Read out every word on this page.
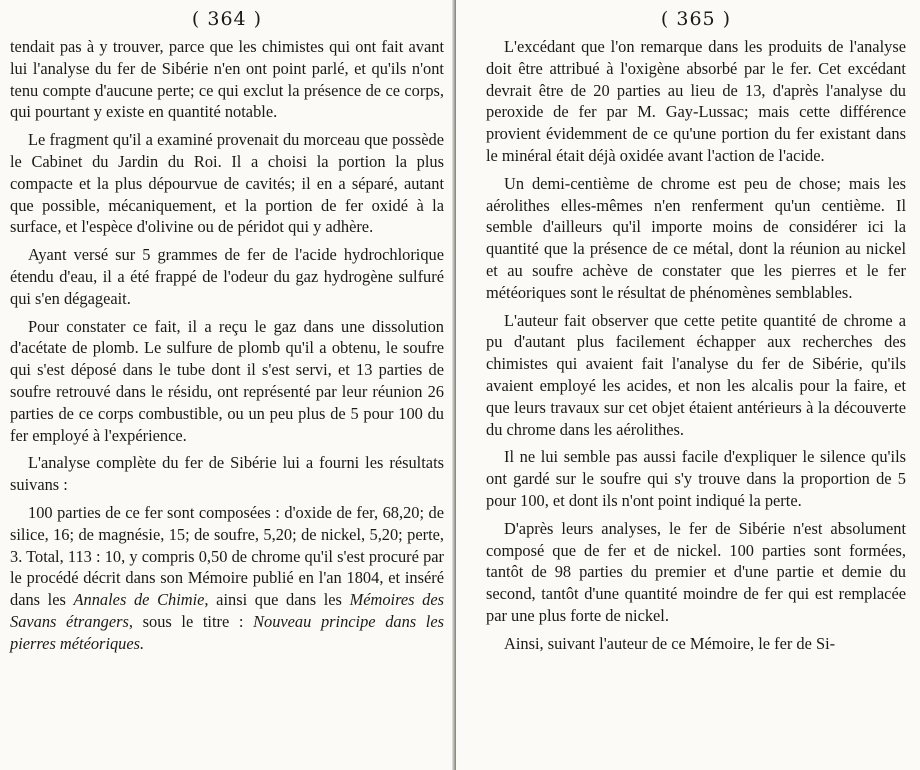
( 364 )

tendait pas à y trouver, parce que les chimistes qui ont fait avant lui l'analyse du fer de Sibérie n'en ont point parlé, et qu'ils n'ont tenu compte d'aucune perte; ce qui exclut la présence de ce corps, qui pourtant y existe en quantité notable.

Le fragment qu'il a examiné provenait du morceau que possède le Cabinet du Jardin du Roi. Il a choisi la portion la plus compacte et la plus dépourvue de cavités; il en a séparé, autant que possible, mécaniquement, et la portion de fer oxidé à la surface, et l'espèce d'olivine ou de péridot qui y adhère.

Ayant versé sur 5 grammes de fer de l'acide hydrochlorique étendu d'eau, il a été frappé de l'odeur du gaz hydrogène sulfuré qui s'en dégageait.

Pour constater ce fait, il a reçu le gaz dans une dissolution d'acétate de plomb. Le sulfure de plomb qu'il a obtenu, le soufre qui s'est déposé dans le tube dont il s'est servi, et 13 parties de soufre retrouvé dans le résidu, ont représenté par leur réunion 26 parties de ce corps combustible, ou un peu plus de 5 pour 100 du fer employé à l'expérience.

L'analyse complète du fer de Sibérie lui a fourni les résultats suivans :

100 parties de ce fer sont composées : d'oxide de fer, 68,20; de silice, 16; de magnésie, 15; de soufre, 5,20; de nickel, 5,20; perte, 3. Total, 113 : 10, y compris 0,50 de chrome qu'il s'est procuré par le procédé décrit dans son Mémoire publié en l'an 1804, et inséré dans les Annales de Chimie, ainsi que dans les Mémoires des Savans étrangers, sous le titre : Nouveau principe dans les pierres météoriques.

( 365 )

L'excédant que l'on remarque dans les produits de l'analyse doit être attribué à l'oxigène absorbé par le fer. Cet excédant devrait être de 20 parties au lieu de 13, d'après l'analyse du peroxide de fer par M. Gay-Lussac; mais cette différence provient évidemment de ce qu'une portion du fer existant dans le minéral était déjà oxidée avant l'action de l'acide.

Un demi-centième de chrome est peu de chose; mais les aérolithes elles-mêmes n'en renferment qu'un centième. Il semble d'ailleurs qu'il importe moins de considérer ici la quantité que la présence de ce métal, dont la réunion au nickel et au soufre achève de constater que les pierres et le fer météoriques sont le résultat de phénomènes semblables.

L'auteur fait observer que cette petite quantité de chrome a pu d'autant plus facilement échapper aux recherches des chimistes qui avaient fait l'analyse du fer de Sibérie, qu'ils avaient employé les acides, et non les alcalis pour la faire, et que leurs travaux sur cet objet étaient antérieurs à la découverte du chrome dans les aérolithes.

Il ne lui semble pas aussi facile d'expliquer le silence qu'ils ont gardé sur le soufre qui s'y trouve dans la proportion de 5 pour 100, et dont ils n'ont point indiqué la perte.

D'après leurs analyses, le fer de Sibérie n'est absolument composé que de fer et de nickel. 100 parties sont formées, tantôt de 98 parties du premier et d'une partie et demie du second, tantôt d'une quantité moindre de fer qui est remplacée par une plus forte de nickel.

Ainsi, suivant l'auteur de ce Mémoire, le fer de Si-
